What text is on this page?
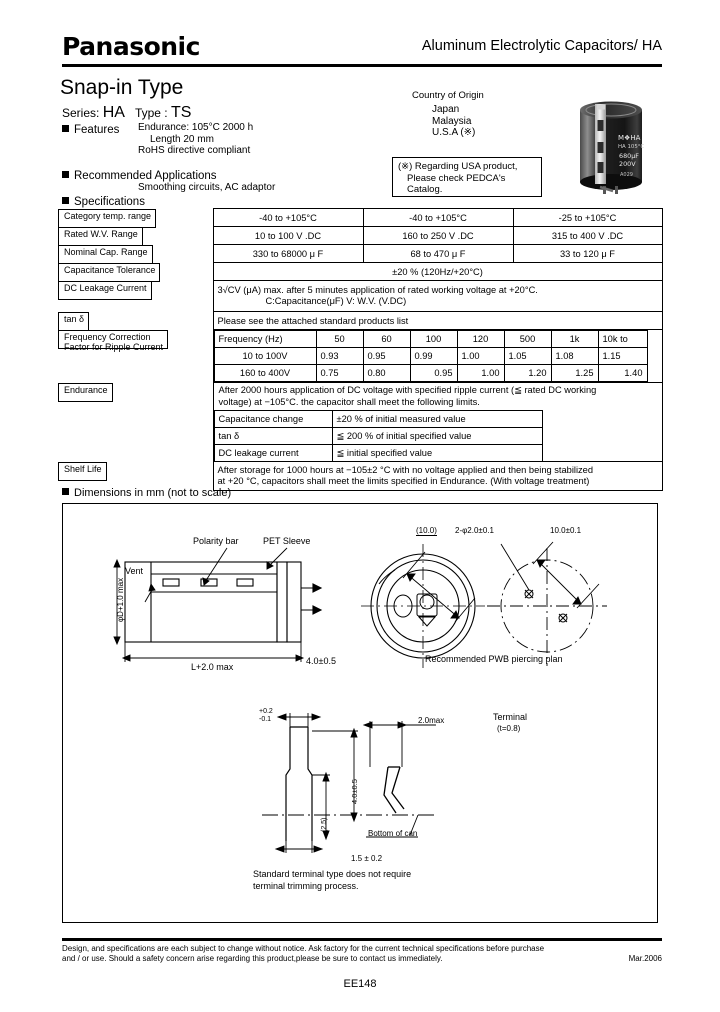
Panasonic	Aluminum Electrolytic Capacitors/ HA
Snap-in Type
Series: HA Type : TS
Features Endurance: 105°C 2000 h
Length 20 mm
RoHS directive compliant
Recommended Applications
Smoothing circuits, AC adaptor
Specifications
Country of Origin
Japan
Malaysia
U.S.A (※)
(※) Regarding USA product,
Please check PEDCA's
Catalog.
M❖HA
HA 105°C
680μF
200V
A029
Category temp. range	-40 to +105°C	-40 to +105°C	-25 to +105°C

Rated W.V. Range	10 to 100 V .DC	160 to 250 V .DC	315 to 400 V .DC

Nominal Cap. Range	330 to 68000 μ F	68 to 470 μ F	33 to 120 μ F

Capacitance Tolerance	±20 % (120Hz/+20°C)

DC Leakage Current	3√CV (μA) max. after 5 minutes application of rated working voltage at +20°C.
C:Capacitance(μF) V: W.V. (V.DC)

tan δ	Please see the attached standard products list

Frequency Correction
Factor for Ripple Current
Frequency (Hz)	50	60	100	120	500	1k	10k to	
10 to 100V	0.93	0.95	0.99	1.00	1.05	1.08	1.15	
160 to 400V	0.75	0.80	0.95	1.00	1.20	1.25	1.40	

Endurance	After 2000 hours application of DC voltage with specified ripple current (≦ rated DC working
voltage) at −105°C. the capacitor shall meet the following limits.
Capacitance change	±20 % of initial measured value
tan δ	≦ 200 % of initial specified value
DC leakage current	≦ initial specified value

Shelf Life	After storage for 1000 hours at −105±2 °C with no voltage applied and then being stabilized
at +20 °C, capacitors shall meet the limits specified in Endurance. (With voltage treatment)
Dimensions in mm (not to scale)
Polarity bar	PET Sleeve
Vent
φD+1.0 max
L+2.0 max
4.0±0.5
(10.0) 2-φ2.0±0.1	10.0±0.1
Recommended PWB piercing plan
+0.2
-0.1
1.5 ± 0.2
(2.5)
4.0±0.5
2.0max
Bottom of can
Terminal
(t=0.8)
Standard terminal type does not require
terminal trimming process.
Design, and specifications are each subject to change without notice. Ask factory for the current technical specifications before purchase
and / or use. Should a safety concern arise regarding this product,please be sure to contact us immediately.	Mar.2006
EE148
